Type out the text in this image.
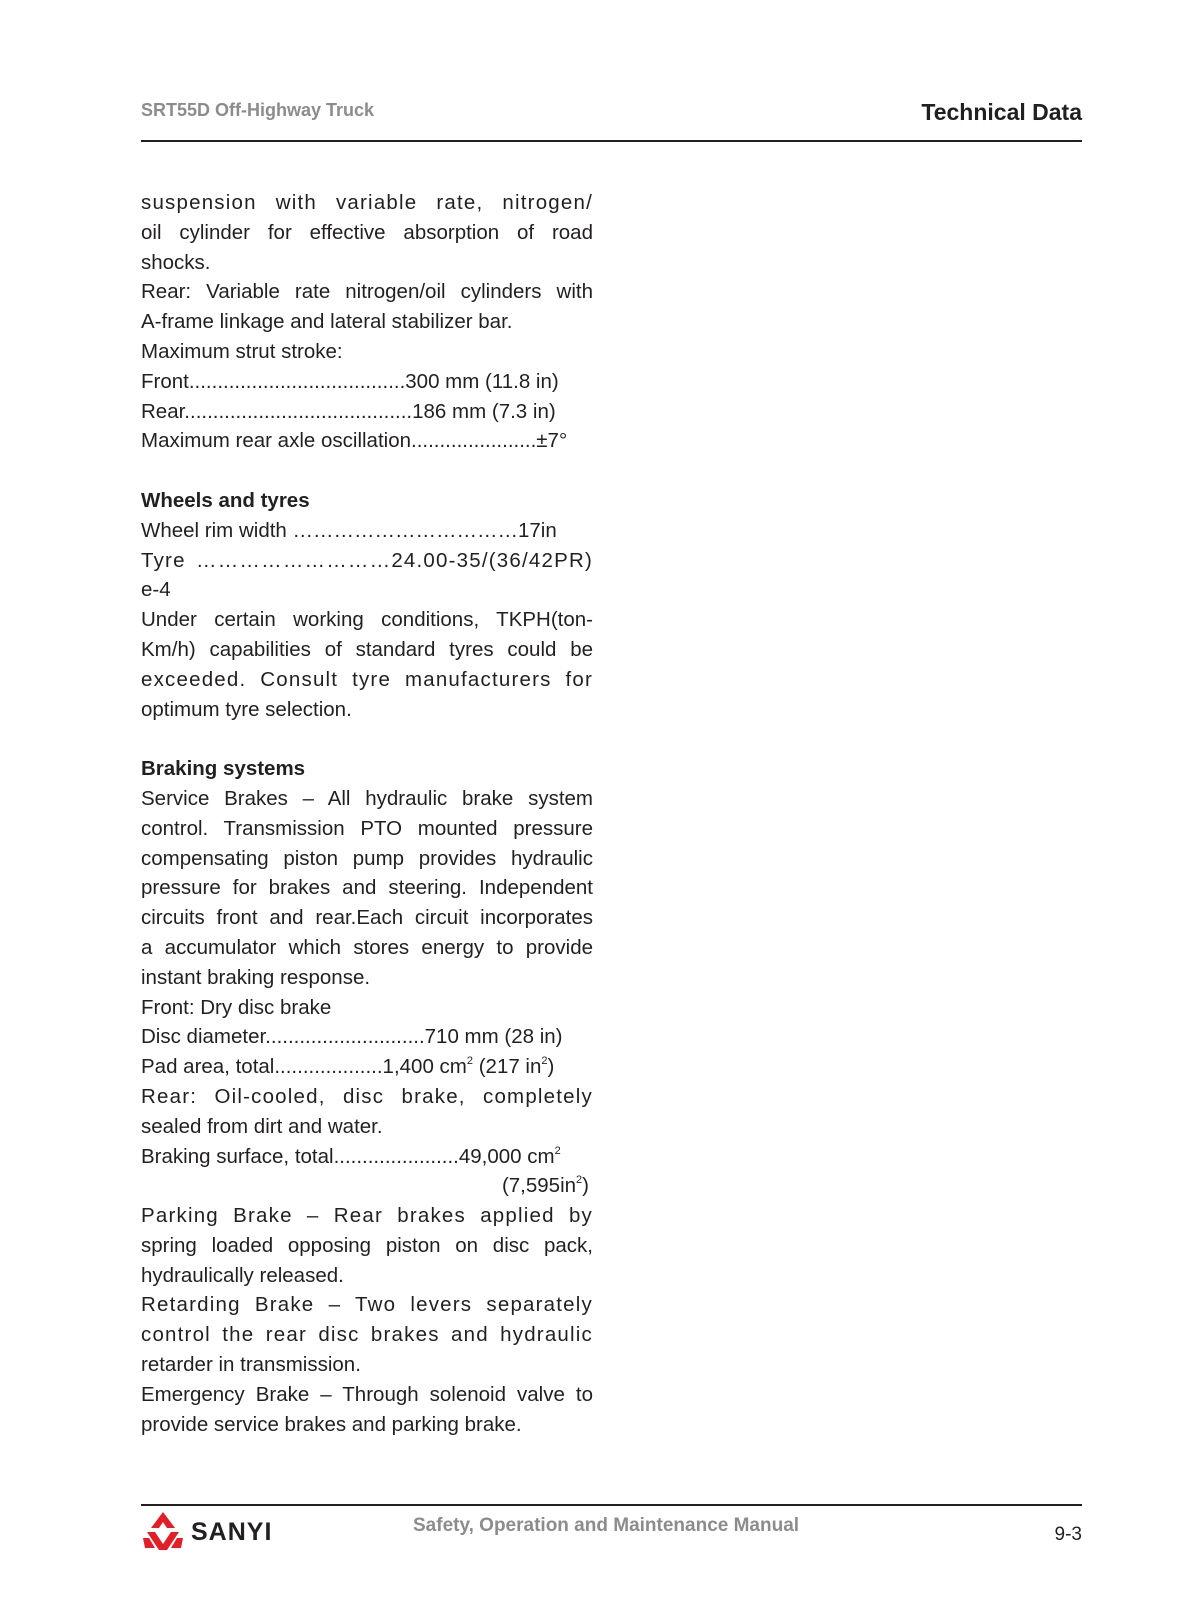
SRT55D Off-Highway Truck	Technical Data
suspension with variable rate, nitrogen/
oil cylinder for effective absorption of road
shocks.
Rear: Variable rate nitrogen/oil cylinders with
A-frame linkage and lateral stabilizer bar.
Maximum strut stroke:
Front......................................300 mm (11.8 in)
Rear........................................186 mm (7.3 in)
Maximum rear axle oscillation......................±7°
Wheels and tyres
Wheel rim width ……………………………17in
Tyre ………………………24.00-35/(36/42PR)
e-4
Under certain working conditions, TKPH(ton-
Km/h) capabilities of standard tyres could be
exceeded. Consult tyre manufacturers for
optimum tyre selection.
Braking systems
Service Brakes – All hydraulic brake system
control. Transmission PTO mounted pressure
compensating piston pump provides hydraulic
pressure for brakes and steering. Independent
circuits front and rear.Each circuit incorporates
a accumulator which stores energy to provide
instant braking response.
Front: Dry disc brake
Disc diameter............................710 mm (28 in)
Pad area, total...................1,400 $cm^2$ (217 $in^2$)
Rear: Oil-cooled, disc brake, completely
sealed from dirt and water.
Braking surface, total......................49,000 $cm^2$
$(7,595in^2)$
Parking Brake – Rear brakes applied by
spring loaded opposing piston on disc pack,
hydraulically released.
Retarding Brake – Two levers separately
control the rear disc brakes and hydraulic
retarder in transmission.
Emergency Brake – Through solenoid valve to
provide service brakes and parking brake.
SANYI	Safety, Operation and Maintenance Manual	9-3
